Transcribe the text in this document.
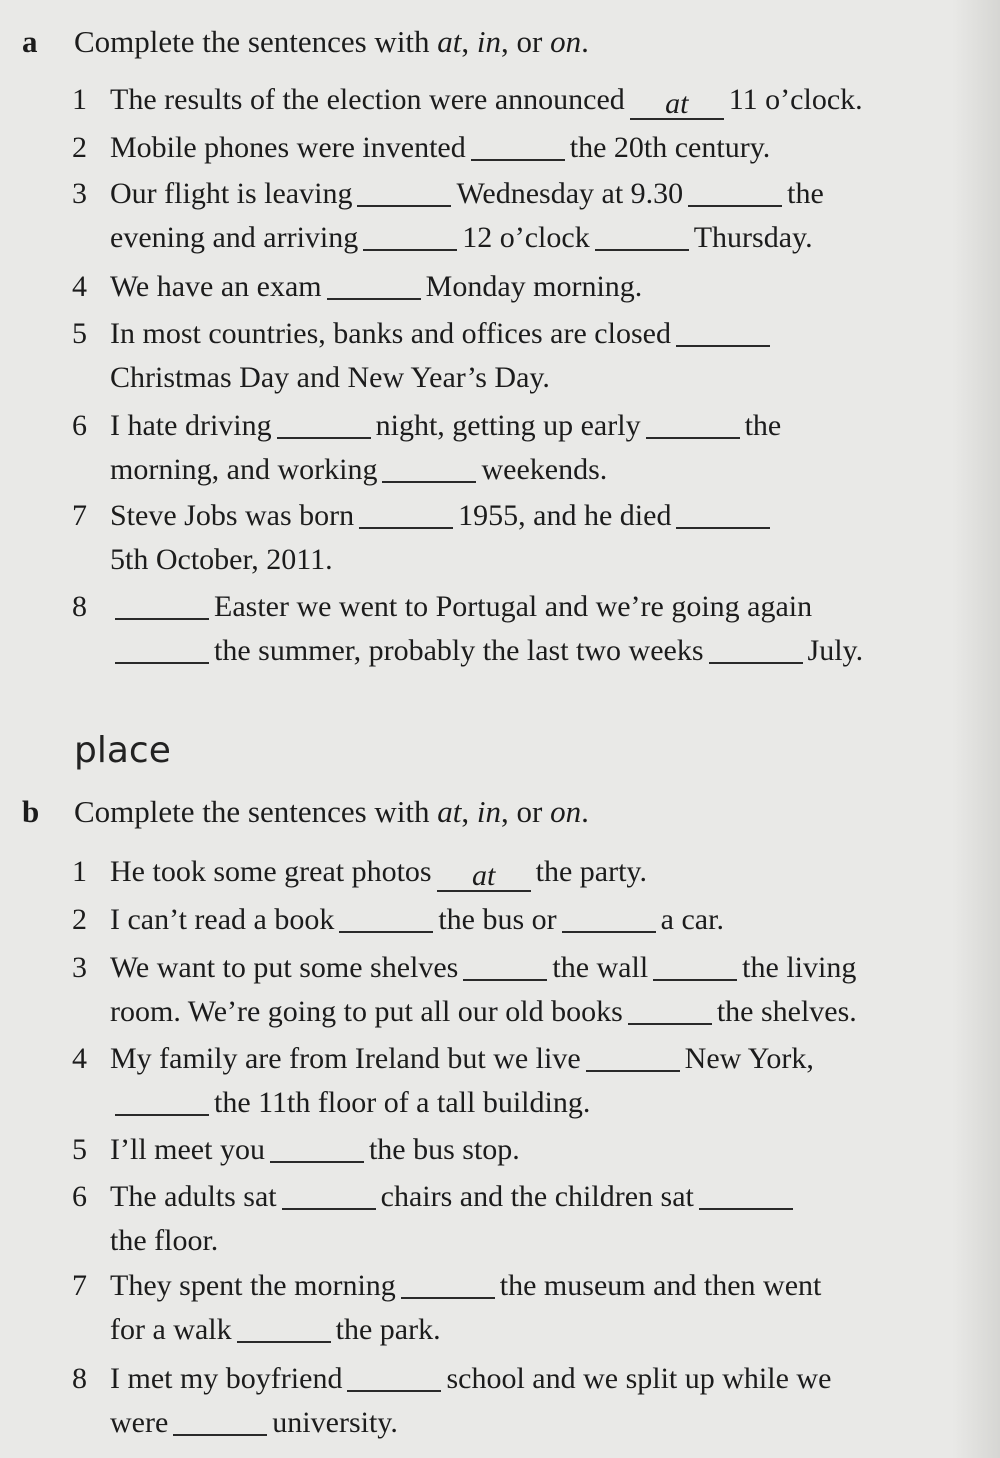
a Complete the sentences with at, in, or on.
1 The results of the election were announced at 11 o’clock.
2 Mobile phones were invented	the 20th century.
3 Our flight is leaving	Wednesday at 9.30	the
evening and arriving	12 o’clock	Thursday.
4 We have an exam	Monday morning.
5 In most countries, banks and offices are closed
Christmas Day and New Year’s Day.
6 I hate driving	night, getting up early	the
morning, and working	weekends.
7 Steve Jobs was born	1955, and he died
5th October, 2011.
8	Easter we went to Portugal and we’re going again
the summer, probably the last two weeks	July.
place
b Complete the sentences with at, in, or on.
1 He took some great photos at the party.
2 I can’t read a book	the bus or	a car.
3 We want to put some shelves	the wall	the living
room. We’re going to put all our old books	the shelves.
4 My family are from Ireland but we live	New York,
the 11th floor of a tall building.
5 I’ll meet you	the bus stop.
6 The adults sat	chairs and the children sat
the floor.
7 They spent the morning	the museum and then went
for a walk	the park.
8 I met my boyfriend	school and we split up while we
were	university.
